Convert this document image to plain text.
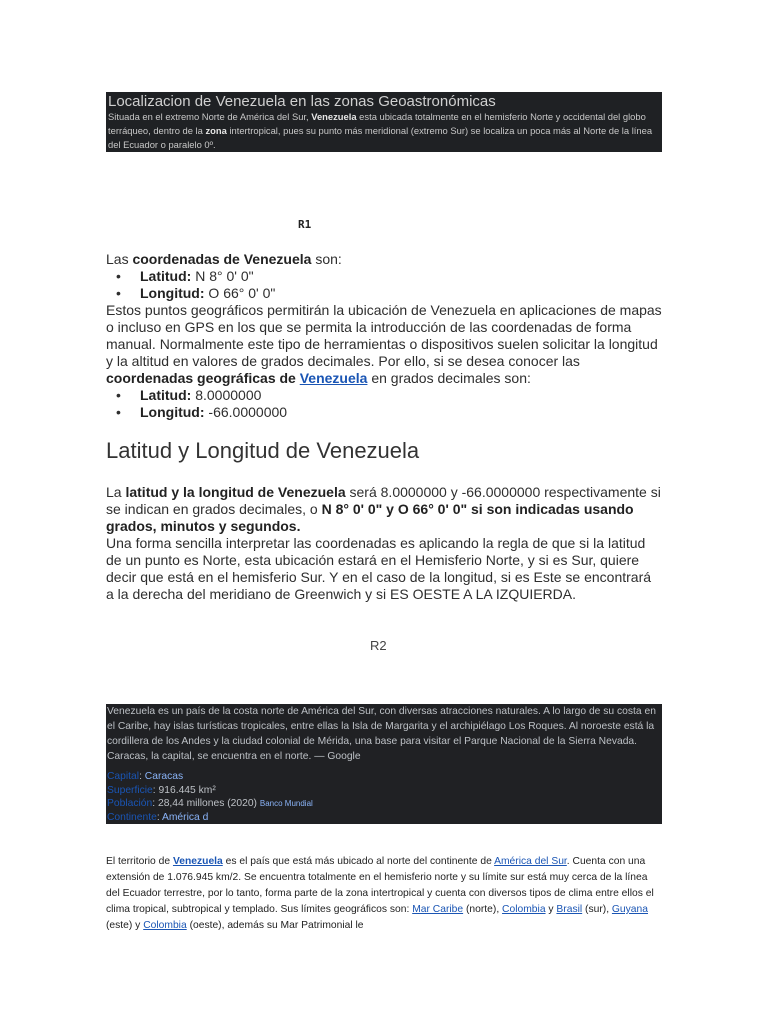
Localizacion de Venezuela en las zonas Geoastronómicas
Situada en el extremo Norte de América del Sur, Venezuela esta ubicada totalmente en el hemisferio Norte y occidental del globo terráqueo, dentro de la zona intertropical, pues su punto más meridional (extremo Sur) se localiza un poca más al Norte de la línea del Ecuador o paralelo 0º.
R1
Las coordenadas de Venezuela son:
• Latitud: N 8° 0' 0"
• Longitud: O 66° 0' 0"
Estos puntos geográficos permitirán la ubicación de Venezuela en aplicaciones de mapas o incluso en GPS en los que se permita la introducción de las coordenadas de forma manual. Normalmente este tipo de herramientas o dispositivos suelen solicitar la longitud y la altitud en valores de grados decimales. Por ello, si se desea conocer las coordenadas geográficas de Venezuela en grados decimales son:
• Latitud: 8.0000000
• Longitud: -66.0000000
Latitud y Longitud de Venezuela
La latitud y la longitud de Venezuela será 8.0000000 y -66.0000000 respectivamente si se indican en grados decimales, o N 8° 0' 0" y O 66° 0' 0" si son indicadas usando grados, minutos y segundos.
Una forma sencilla interpretar las coordenadas es aplicando la regla de que si la latitud de un punto es Norte, esta ubicación estará en el Hemisferio Norte, y si es Sur, quiere decir que está en el hemisferio Sur. Y en el caso de la longitud, si es Este se encontrará a la derecha del meridiano de Greenwich y si ES OESTE A LA IZQUIERDA.
R2
Venezuela es un país de la costa norte de América del Sur, con diversas atracciones naturales. A lo largo de su costa en el Caribe, hay islas turísticas tropicales, entre ellas la Isla de Margarita y el archipiélago Los Roques. Al noroeste está la cordillera de los Andes y la ciudad colonial de Mérida, una base para visitar el Parque Nacional de la Sierra Nevada. Caracas, la capital, se encuentra en el norte. — Google
Capital: Caracas
Superficie: 916.445 km²
Población: 28,44 millones (2020) Banco Mundial
Continente: América d
El territorio de Venezuela es el país que está más ubicado al norte del continente de América del Sur. Cuenta con una extensión de 1.076.945 km/2. Se encuentra totalmente en el hemisferio norte y su límite sur está muy cerca de la línea del Ecuador terrestre, por lo tanto, forma parte de la zona intertropical y cuenta con diversos tipos de clima entre ellos el clima tropical, subtropical y templado. Sus límites geográficos son: Mar Caribe (norte), Colombia y Brasil (sur), Guyana (este) y Colombia (oeste), además su Mar Patrimonial le
